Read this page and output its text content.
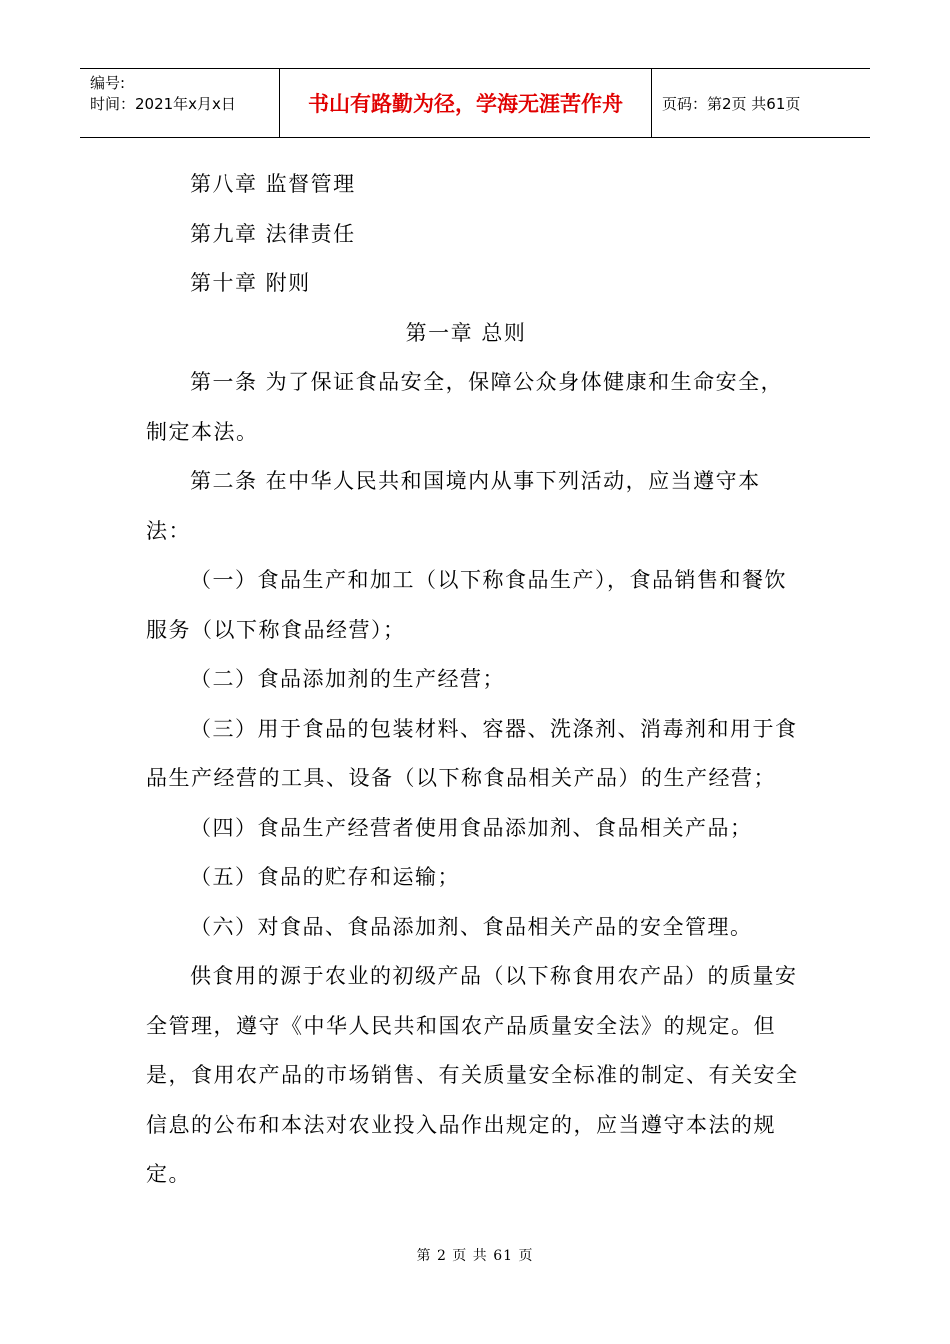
编号:
时间：2021年x月x日	书山有路勤为径，学海无涯苦作舟	页码：第2页 共61页
第八章 监督管理
第九章 法律责任
第十章 附则
第一章 总则
第一条 为了保证食品安全，保障公众身体健康和生命安全，
制定本法。
第二条 在中华人民共和国境内从事下列活动，应当遵守本
法：
（一）食品生产和加工（以下称食品生产），食品销售和餐饮
服务（以下称食品经营）；
（二）食品添加剂的生产经营；
（三）用于食品的包装材料、容器、洗涤剂、消毒剂和用于食
品生产经营的工具、设备（以下称食品相关产品）的生产经营；
（四）食品生产经营者使用食品添加剂、食品相关产品；
（五）食品的贮存和运输；
（六）对食品、食品添加剂、食品相关产品的安全管理。
供食用的源于农业的初级产品（以下称食用农产品）的质量安
全管理，遵守《中华人民共和国农产品质量安全法》的规定。但
是，食用农产品的市场销售、有关质量安全标准的制定、有关安全
信息的公布和本法对农业投入品作出规定的，应当遵守本法的规
定。
第 2 页 共 61 页
